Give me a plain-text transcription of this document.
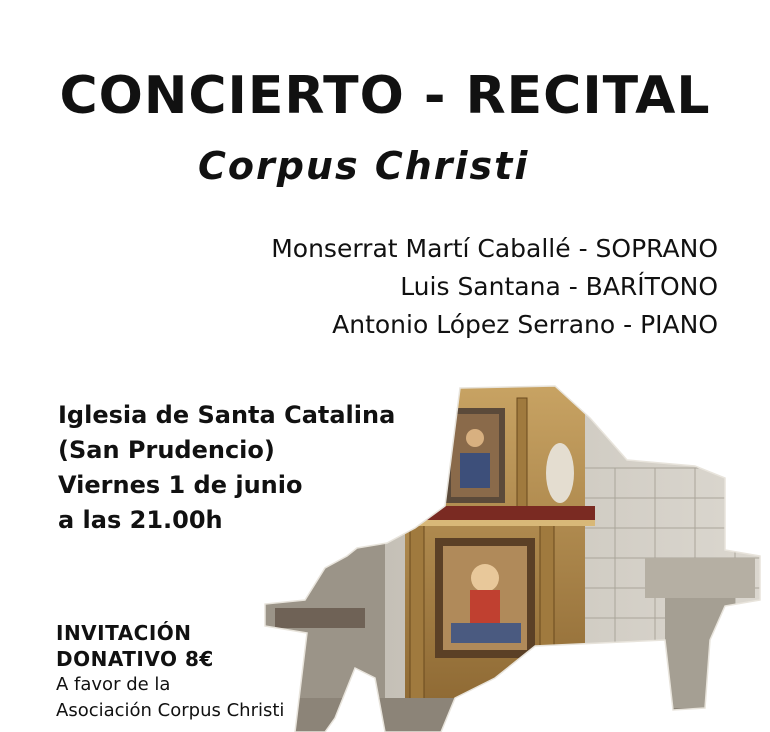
CONCIERTO - RECITAL
Corpus Christi
Monserrat Martí Caballé - SOPRANO
Luis Santana - BARÍTONO
Antonio López Serrano - PIANO
Iglesia de Santa Catalina
(San Prudencio)
Viernes 1 de junio
a las 21.00h
INVITACIÓN
DONATIVO 8€
A favor de la
Asociación Corpus Christi
